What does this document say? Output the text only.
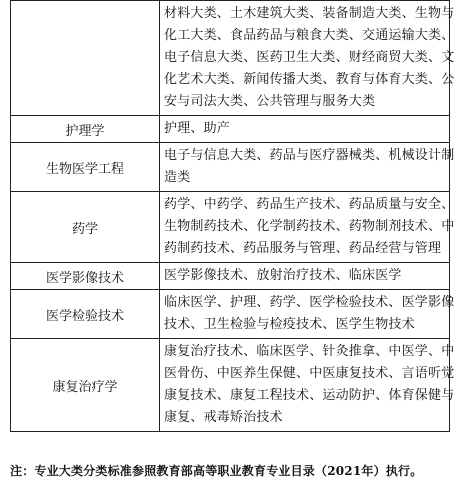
	材料大类、土木建筑大类、装备制造大类、生物与
化工大类、食品药品与粮食大类、交通运输大类、
电子信息大类、医药卫生大类、财经商贸大类、文
化艺术大类、新闻传播大类、教育与体育大类、公
安与司法大类、公共管理与服务大类

护理学	护理、助产

生物医学工程	电子与信息大类、药品与医疗器械类、机械设计制
造类

药学	药学、中药学、药品生产技术、药品质量与安全、
生物制药技术、化学制药技术、药物制剂技术、中
药制药技术、药品服务与管理、药品经营与管理

医学影像技术	医学影像技术、放射治疗技术、临床医学

医学检验技术	临床医学、护理、药学、医学检验技术、医学影像
技术、卫生检验与检疫技术、医学生物技术

康复治疗学	康复治疗技术、临床医学、针灸推拿、中医学、中
医骨伤、中医养生保健、中医康复技术、言语听觉
康复技术、康复工程技术、运动防护、体育保健与
康复、戒毒矫治技术
注：专业大类分类标准参照教育部高等职业教育专业目录（2021年）执行。
